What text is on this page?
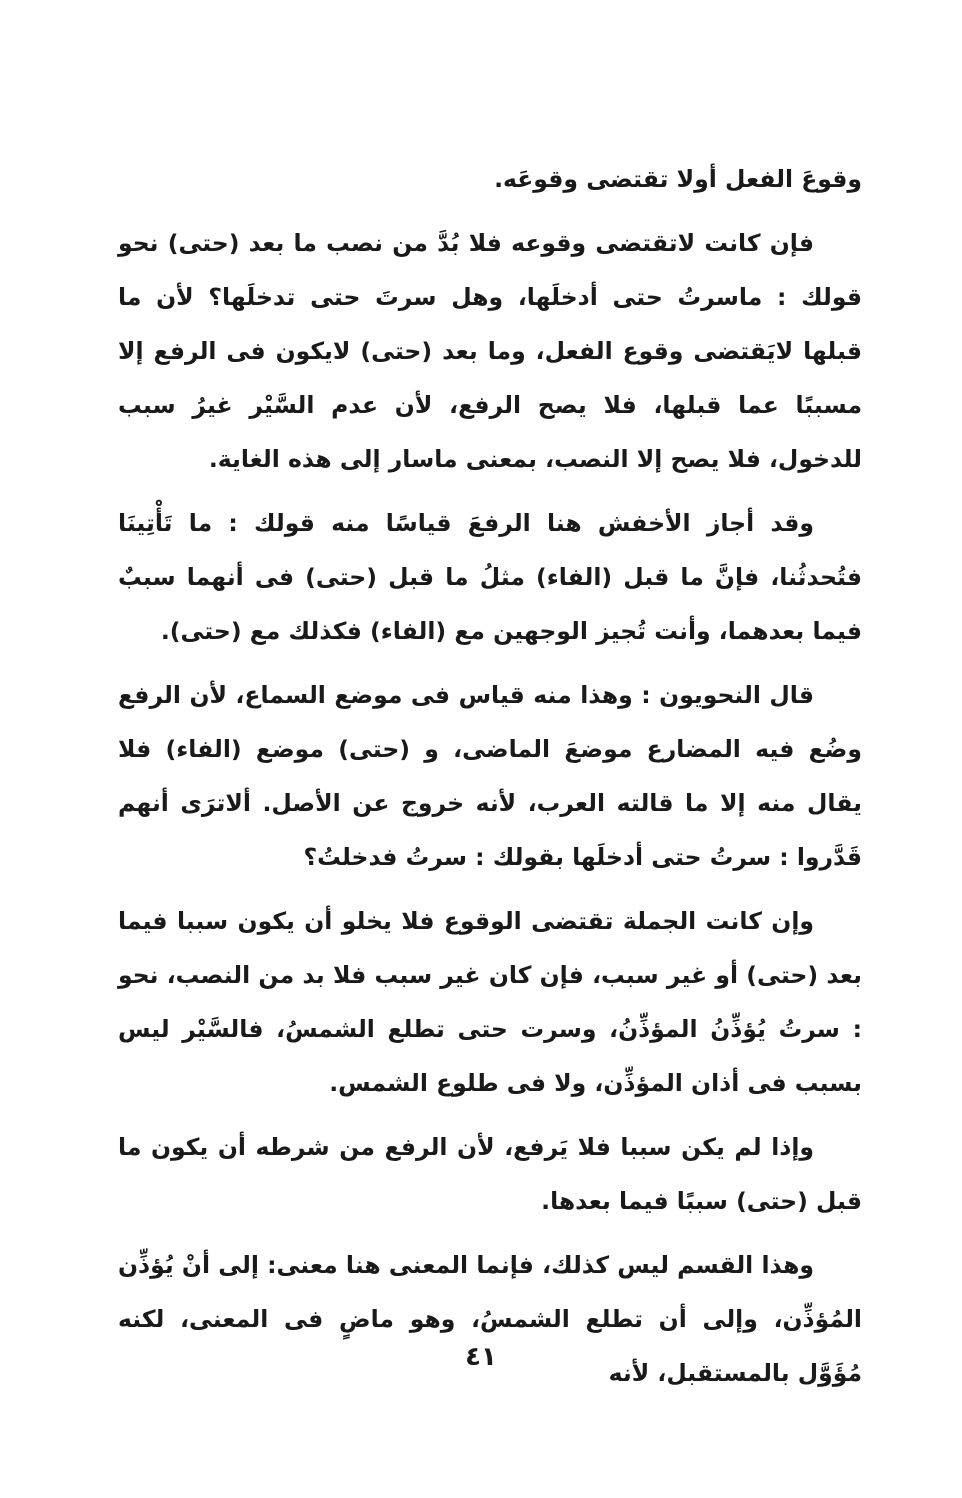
وقوعَ الفعل أولا تقتضى وقوعَه.

فإن كانت لاتقتضى وقوعه فلا بُدَّ من نصب ما بعد (حتى) نحو قولك : ماسرتُ حتى أدخلَها، وهل سرتَ حتى تدخلَها؟ لأن ما قبلها لايَقتضى وقوع الفعل، وما بعد (حتى) لايكون فى الرفع إلا مسببًا عما قبلها، فلا يصح الرفع، لأن عدم السَّيْر غيرُ سبب للدخول، فلا يصح إلا النصب، بمعنى ماسار إلى هذه الغاية.

وقد أجاز الأخفش هنا الرفعَ قياسًا منه قولك : ما تَأْتِينَا فتُحدثُنا، فإنَّ ما قبل (الفاء) مثلُ ما قبل (حتى) فى أنهما سببٌ فيما بعدهما، وأنت تُجيز الوجهين مع (الفاء) فكذلك مع (حتى).

قال النحويون : وهذا منه قياس فى موضع السماع، لأن الرفع وضُع فيه المضارع موضعَ الماضى، و (حتى) موضع (الفاء) فلا يقال منه إلا ما قالته العرب، لأنه خروج عن الأصل. ألاترَى أنهم قَدَّروا : سرتُ حتى أدخلَها بقولك : سرتُ فدخلتُ؟

وإن كانت الجملة تقتضى الوقوع فلا يخلو أن يكون سببا فيما بعد (حتى) أو غير سبب، فإن كان غير سبب فلا بد من النصب، نحو : سرتُ يُؤذِّنُ المؤذِّنُ، وسرت حتى تطلع الشمسُ، فالسَّيْر ليس بسبب فى أذان المؤذِّن، ولا فى طلوع الشمس.

وإذا لم يكن سببا فلا يَرفع، لأن الرفع من شرطه أن يكون ما قبل (حتى) سببًا فيما بعدها.

وهذا القسم ليس كذلك، فإنما المعنى هنا معنى: إلى أنْ يُؤذِّن المُؤذِّن، وإلى أن تطلع الشمسُ، وهو ماضٍ فى المعنى، لكنه مُؤَوَّل بالمستقبل، لأنه

٤١
